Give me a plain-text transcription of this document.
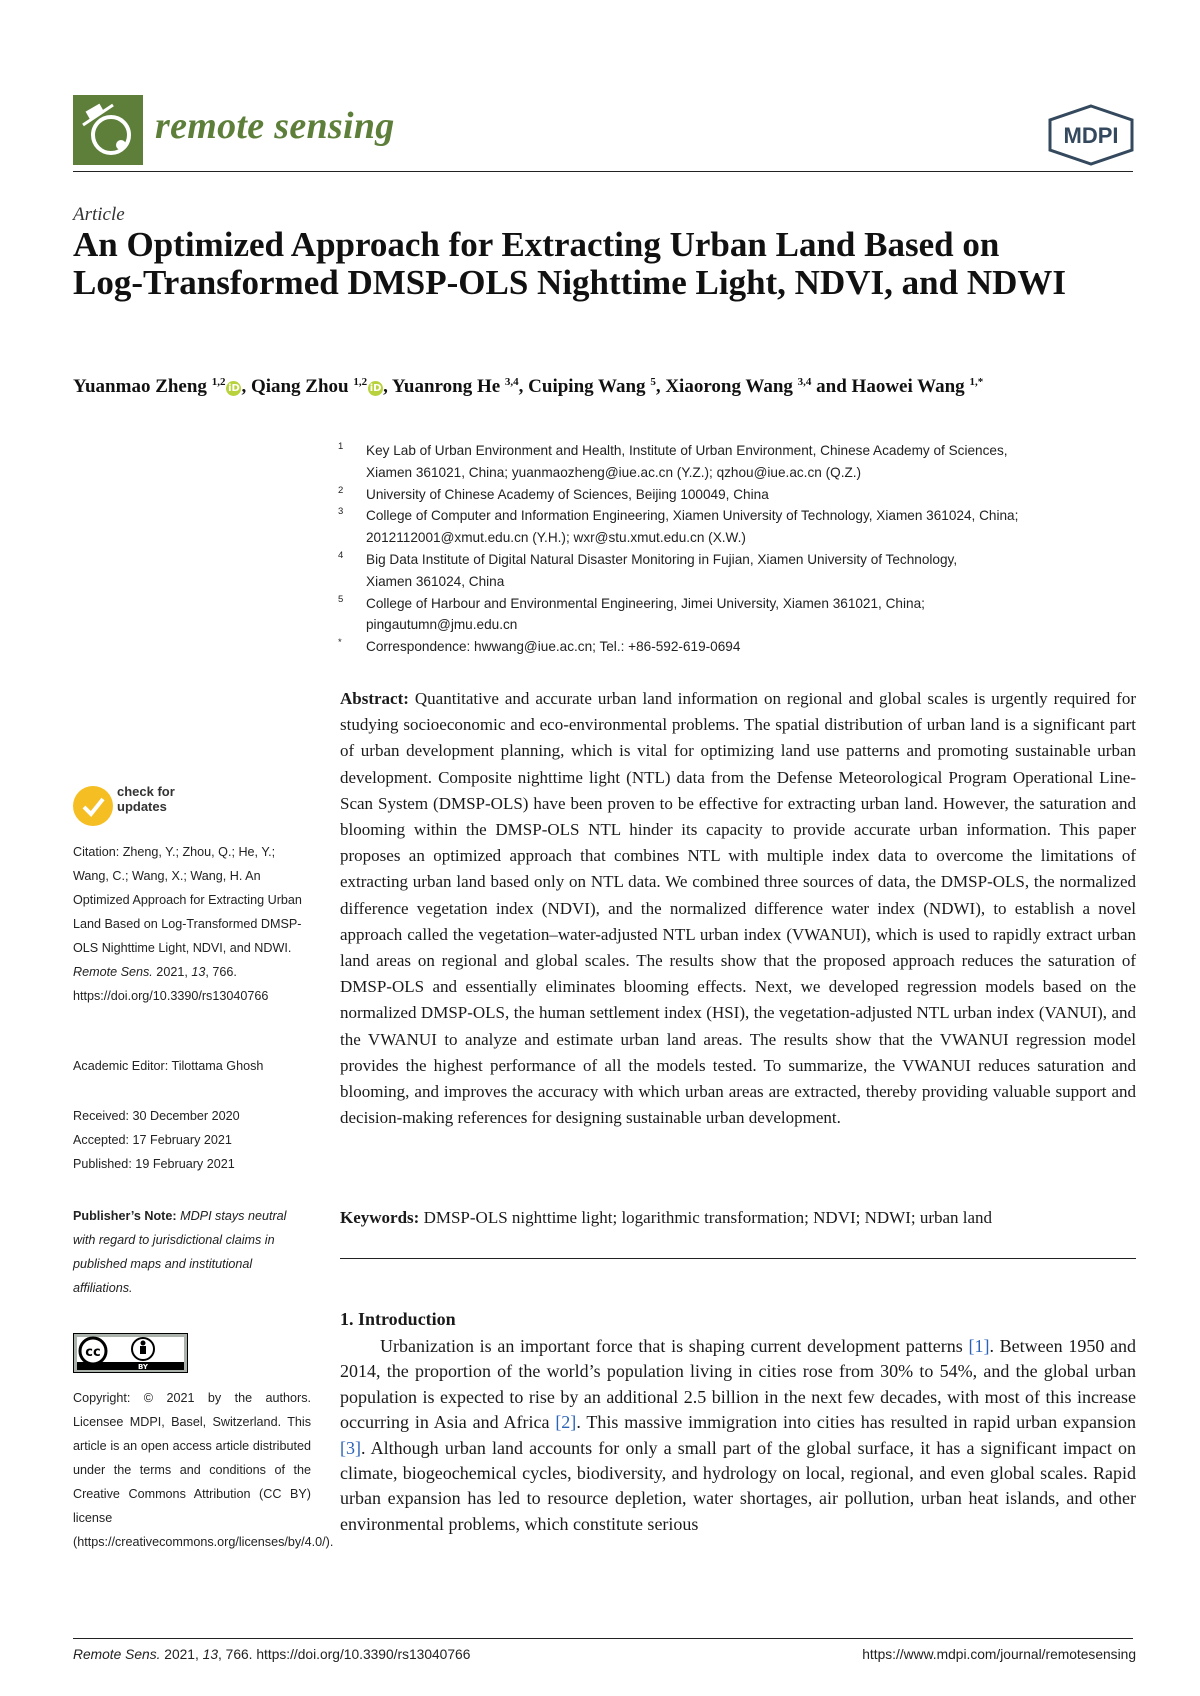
remote sensing	MDPI
Article
An Optimized Approach for Extracting Urban Land Based on Log-Transformed DMSP-OLS Nighttime Light, NDVI, and NDWI
Yuanmao Zheng $^{1,2}$iD, Qiang Zhou $^{1,2}$iD, Yuanrong He $^{3,4}$, Cuiping Wang $^5$, Xiaorong Wang $^{3,4}$ and Haowei Wang $^{1,*}$
1 Key Lab of Urban Environment and Health, Institute of Urban Environment, Chinese Academy of Sciences,
Xiamen 361021, China; yuanmaozheng@iue.ac.cn (Y.Z.); qzhou@iue.ac.cn (Q.Z.)
2 University of Chinese Academy of Sciences, Beijing 100049, China
3 College of Computer and Information Engineering, Xiamen University of Technology, Xiamen 361024, China;
2012112001@xmut.edu.cn (Y.H.); wxr@stu.xmut.edu.cn (X.W.)
4 Big Data Institute of Digital Natural Disaster Monitoring in Fujian, Xiamen University of Technology,
Xiamen 361024, China
5 College of Harbour and Environmental Engineering, Jimei University, Xiamen 361021, China;
pingautumn@jmu.edu.cn
* Correspondence: hwwang@iue.ac.cn; Tel.: +86-592-619-0694
check for
updates
Citation: Zheng, Y.; Zhou, Q.; He, Y.; Wang, C.; Wang, X.; Wang, H. An Optimized Approach for Extracting Urban Land Based on Log-Transformed DMSP-OLS Nighttime Light, NDVI, and NDWI. Remote Sens. 2021, 13, 766. https://doi.org/10.3390/rs13040766
Academic Editor: Tilottama Ghosh
Received: 30 December 2020
Accepted: 17 February 2021
Published: 19 February 2021
Publisher’s Note: MDPI stays neutral with regard to jurisdictional claims in published maps and institutional affiliations.
cc
BY
Copyright: © 2021 by the authors. Licensee MDPI, Basel, Switzerland. This article is an open access article distributed under the terms and conditions of the Creative Commons Attribution (CC BY) license (https://creativecommons.org/licenses/by/4.0/).
Abstract: Quantitative and accurate urban land information on regional and global scales is urgently required for studying socioeconomic and eco-environmental problems. The spatial distribution of urban land is a significant part of urban development planning, which is vital for optimizing land use patterns and promoting sustainable urban development. Composite nighttime light (NTL) data from the Defense Meteorological Program Operational Line-Scan System (DMSP-OLS) have been proven to be effective for extracting urban land. However, the saturation and blooming within the DMSP-OLS NTL hinder its capacity to provide accurate urban information. This paper proposes an optimized approach that combines NTL with multiple index data to overcome the limitations of extracting urban land based only on NTL data. We combined three sources of data, the DMSP-OLS, the normalized difference vegetation index (NDVI), and the normalized difference water index (NDWI), to establish a novel approach called the vegetation–water-adjusted NTL urban index (VWANUI), which is used to rapidly extract urban land areas on regional and global scales. The results show that the proposed approach reduces the saturation of DMSP-OLS and essentially eliminates blooming effects. Next, we developed regression models based on the normalized DMSP-OLS, the human settlement index (HSI), the vegetation-adjusted NTL urban index (VANUI), and the VWANUI to analyze and estimate urban land areas. The results show that the VWANUI regression model provides the highest performance of all the models tested. To summarize, the VWANUI reduces saturation and blooming, and improves the accuracy with which urban areas are extracted, thereby providing valuable support and decision-making references for designing sustainable urban development.
Keywords: DMSP-OLS nighttime light; logarithmic transformation; NDVI; NDWI; urban land
1. Introduction

Urbanization is an important force that is shaping current development patterns [1]. Between 1950 and 2014, the proportion of the world’s population living in cities rose from 30% to 54%, and the global urban population is expected to rise by an additional 2.5 billion in the next few decades, with most of this increase occurring in Asia and Africa [2]. This massive immigration into cities has resulted in rapid urban expansion [3]. Although urban land accounts for only a small part of the global surface, it has a significant impact on climate, biogeochemical cycles, biodiversity, and hydrology on local, regional, and even global scales. Rapid urban expansion has led to resource depletion, water shortages, air pollution, urban heat islands, and other environmental problems, which constitute serious

Remote Sens. 2021, 13, 766. https://doi.org/10.3390/rs13040766	https://www.mdpi.com/journal/remotesensing
